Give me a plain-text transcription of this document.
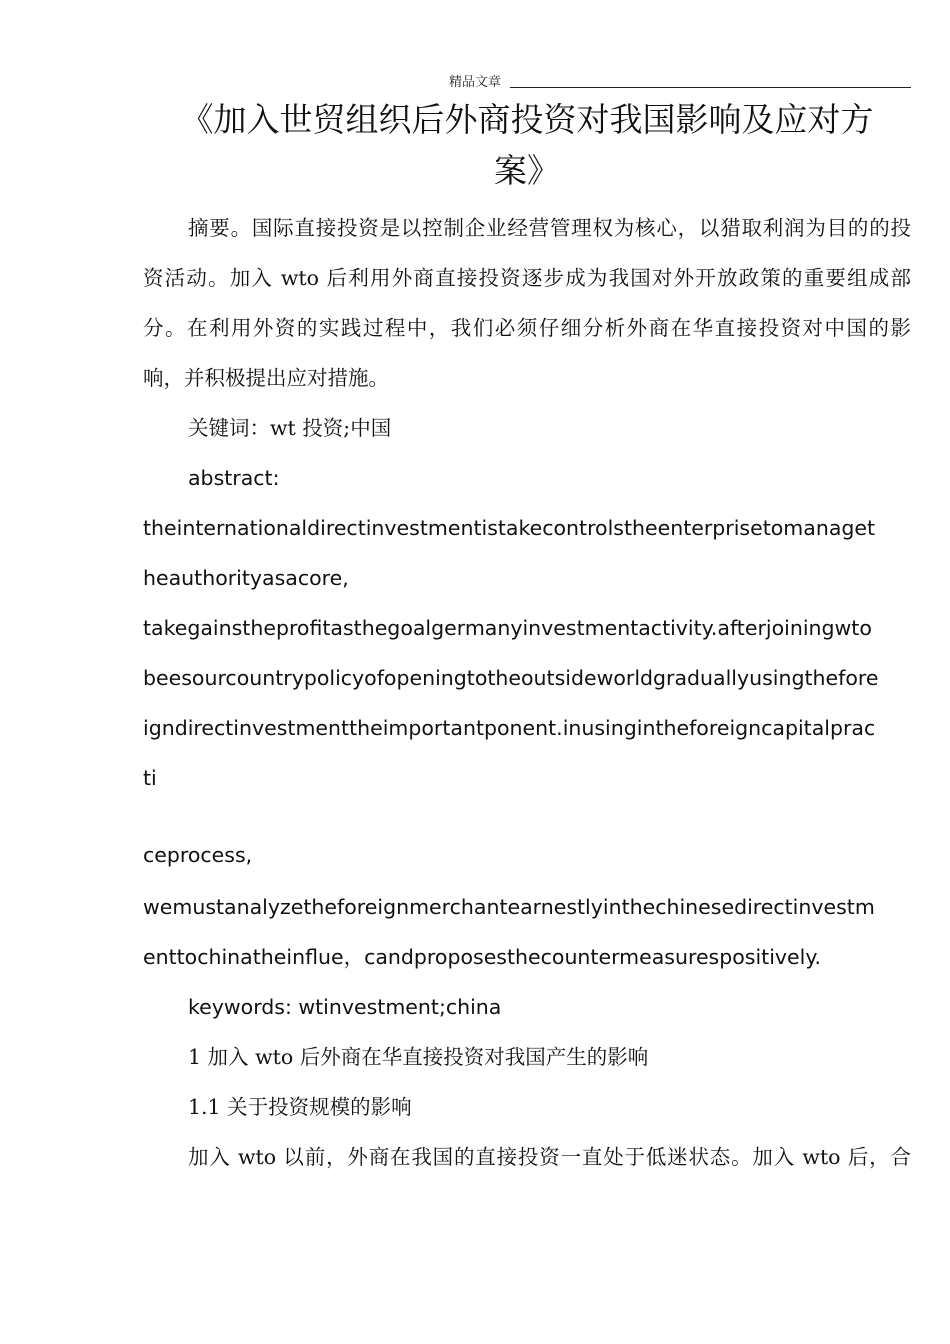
精品文章
《加入世贸组织后外商投资对我国影响及应对方
案》
摘要。国际直接投资是以控制企业经营管理权为核心，以猎取利润为目的的投
资活动。加入 wto 后利用外商直接投资逐步成为我国对外开放政策的重要组成部
分。在利用外资的实践过程中，我们必须仔细分析外商在华直接投资对中国的影
响，并积极提出应对措施。
关键词：wt 投资;中国
abstract:
theinternationaldirectinvestmentistakecontrolstheenterprisetomanaget
heauthorityasacore,
takegainstheprofitasthegoalgermanyinvestmentactivity.afterjoiningwto
beesourcountrypolicyofopeningtotheoutsideworldgraduallyusingthefore
igndirectinvestmenttheimportantponent.inusingintheforeigncapitalprac
ti
ceprocess,
wemustanalyzetheforeignmerchantearnestlyinthechinesedirectinvestm
enttochinatheinflue，candproposesthecountermeasurespositively.
keywords: wtinvestment;china
1 加入 wto 后外商在华直接投资对我国产生的影响
1.1 关于投资规模的影响
加入 wto 以前，外商在我国的直接投资一直处于低迷状态。加入 wto 后，合
